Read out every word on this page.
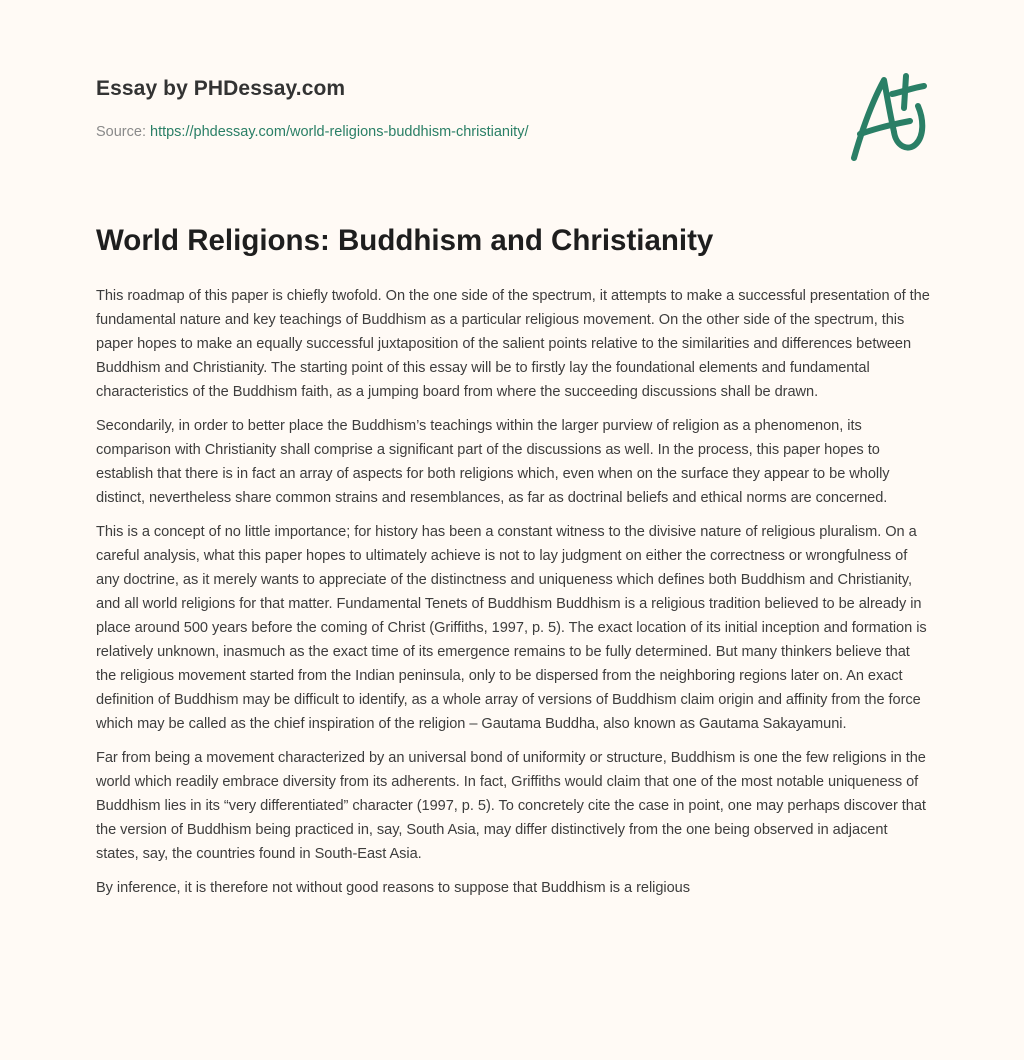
Essay by PHDessay.com
Source: https://phdessay.com/world-religions-buddhism-christianity/
World Religions: Buddhism and Christianity

This roadmap of this paper is chiefly twofold. On the one side of the spectrum, it attempts to make a successful presentation of the fundamental nature and key teachings of Buddhism as a particular religious movement. On the other side of the spectrum, this paper hopes to make an equally successful juxtaposition of the salient points relative to the similarities and differences between Buddhism and Christianity. The starting point of this essay will be to firstly lay the foundational elements and fundamental characteristics of the Buddhism faith, as a jumping board from where the succeeding discussions shall be drawn.

Secondarily, in order to better place the Buddhism’s teachings within the larger purview of religion as a phenomenon, its comparison with Christianity shall comprise a significant part of the discussions as well. In the process, this paper hopes to establish that there is in fact an array of aspects for both religions which, even when on the surface they appear to be wholly distinct, nevertheless share common strains and resemblances, as far as doctrinal beliefs and ethical norms are concerned.

This is a concept of no little importance; for history has been a constant witness to the divisive nature of religious pluralism. On a careful analysis, what this paper hopes to ultimately achieve is not to lay judgment on either the correctness or wrongfulness of any doctrine, as it merely wants to appreciate of the distinctness and uniqueness which defines both Buddhism and Christianity, and all world religions for that matter. Fundamental Tenets of Buddhism Buddhism is a religious tradition believed to be already in place around 500 years before the coming of Christ (Griffiths, 1997, p. 5). The exact location of its initial inception and formation is relatively unknown, inasmuch as the exact time of its emergence remains to be fully determined. But many thinkers believe that the religious movement started from the Indian peninsula, only to be dispersed from the neighboring regions later on. An exact definition of Buddhism may be difficult to identify, as a whole array of versions of Buddhism claim origin and affinity from the force which may be called as the chief inspiration of the religion – Gautama Buddha, also known as Gautama Sakayamuni.

Far from being a movement characterized by an universal bond of uniformity or structure, Buddhism is one the few religions in the world which readily embrace diversity from its adherents. In fact, Griffiths would claim that one of the most notable uniqueness of Buddhism lies in its “very differentiated” character (1997, p. 5). To concretely cite the case in point, one may perhaps discover that the version of Buddhism being practiced in, say, South Asia, may differ distinctively from the one being observed in adjacent states, say, the countries found in South-East Asia.

By inference, it is therefore not without good reasons to suppose that Buddhism is a religious
